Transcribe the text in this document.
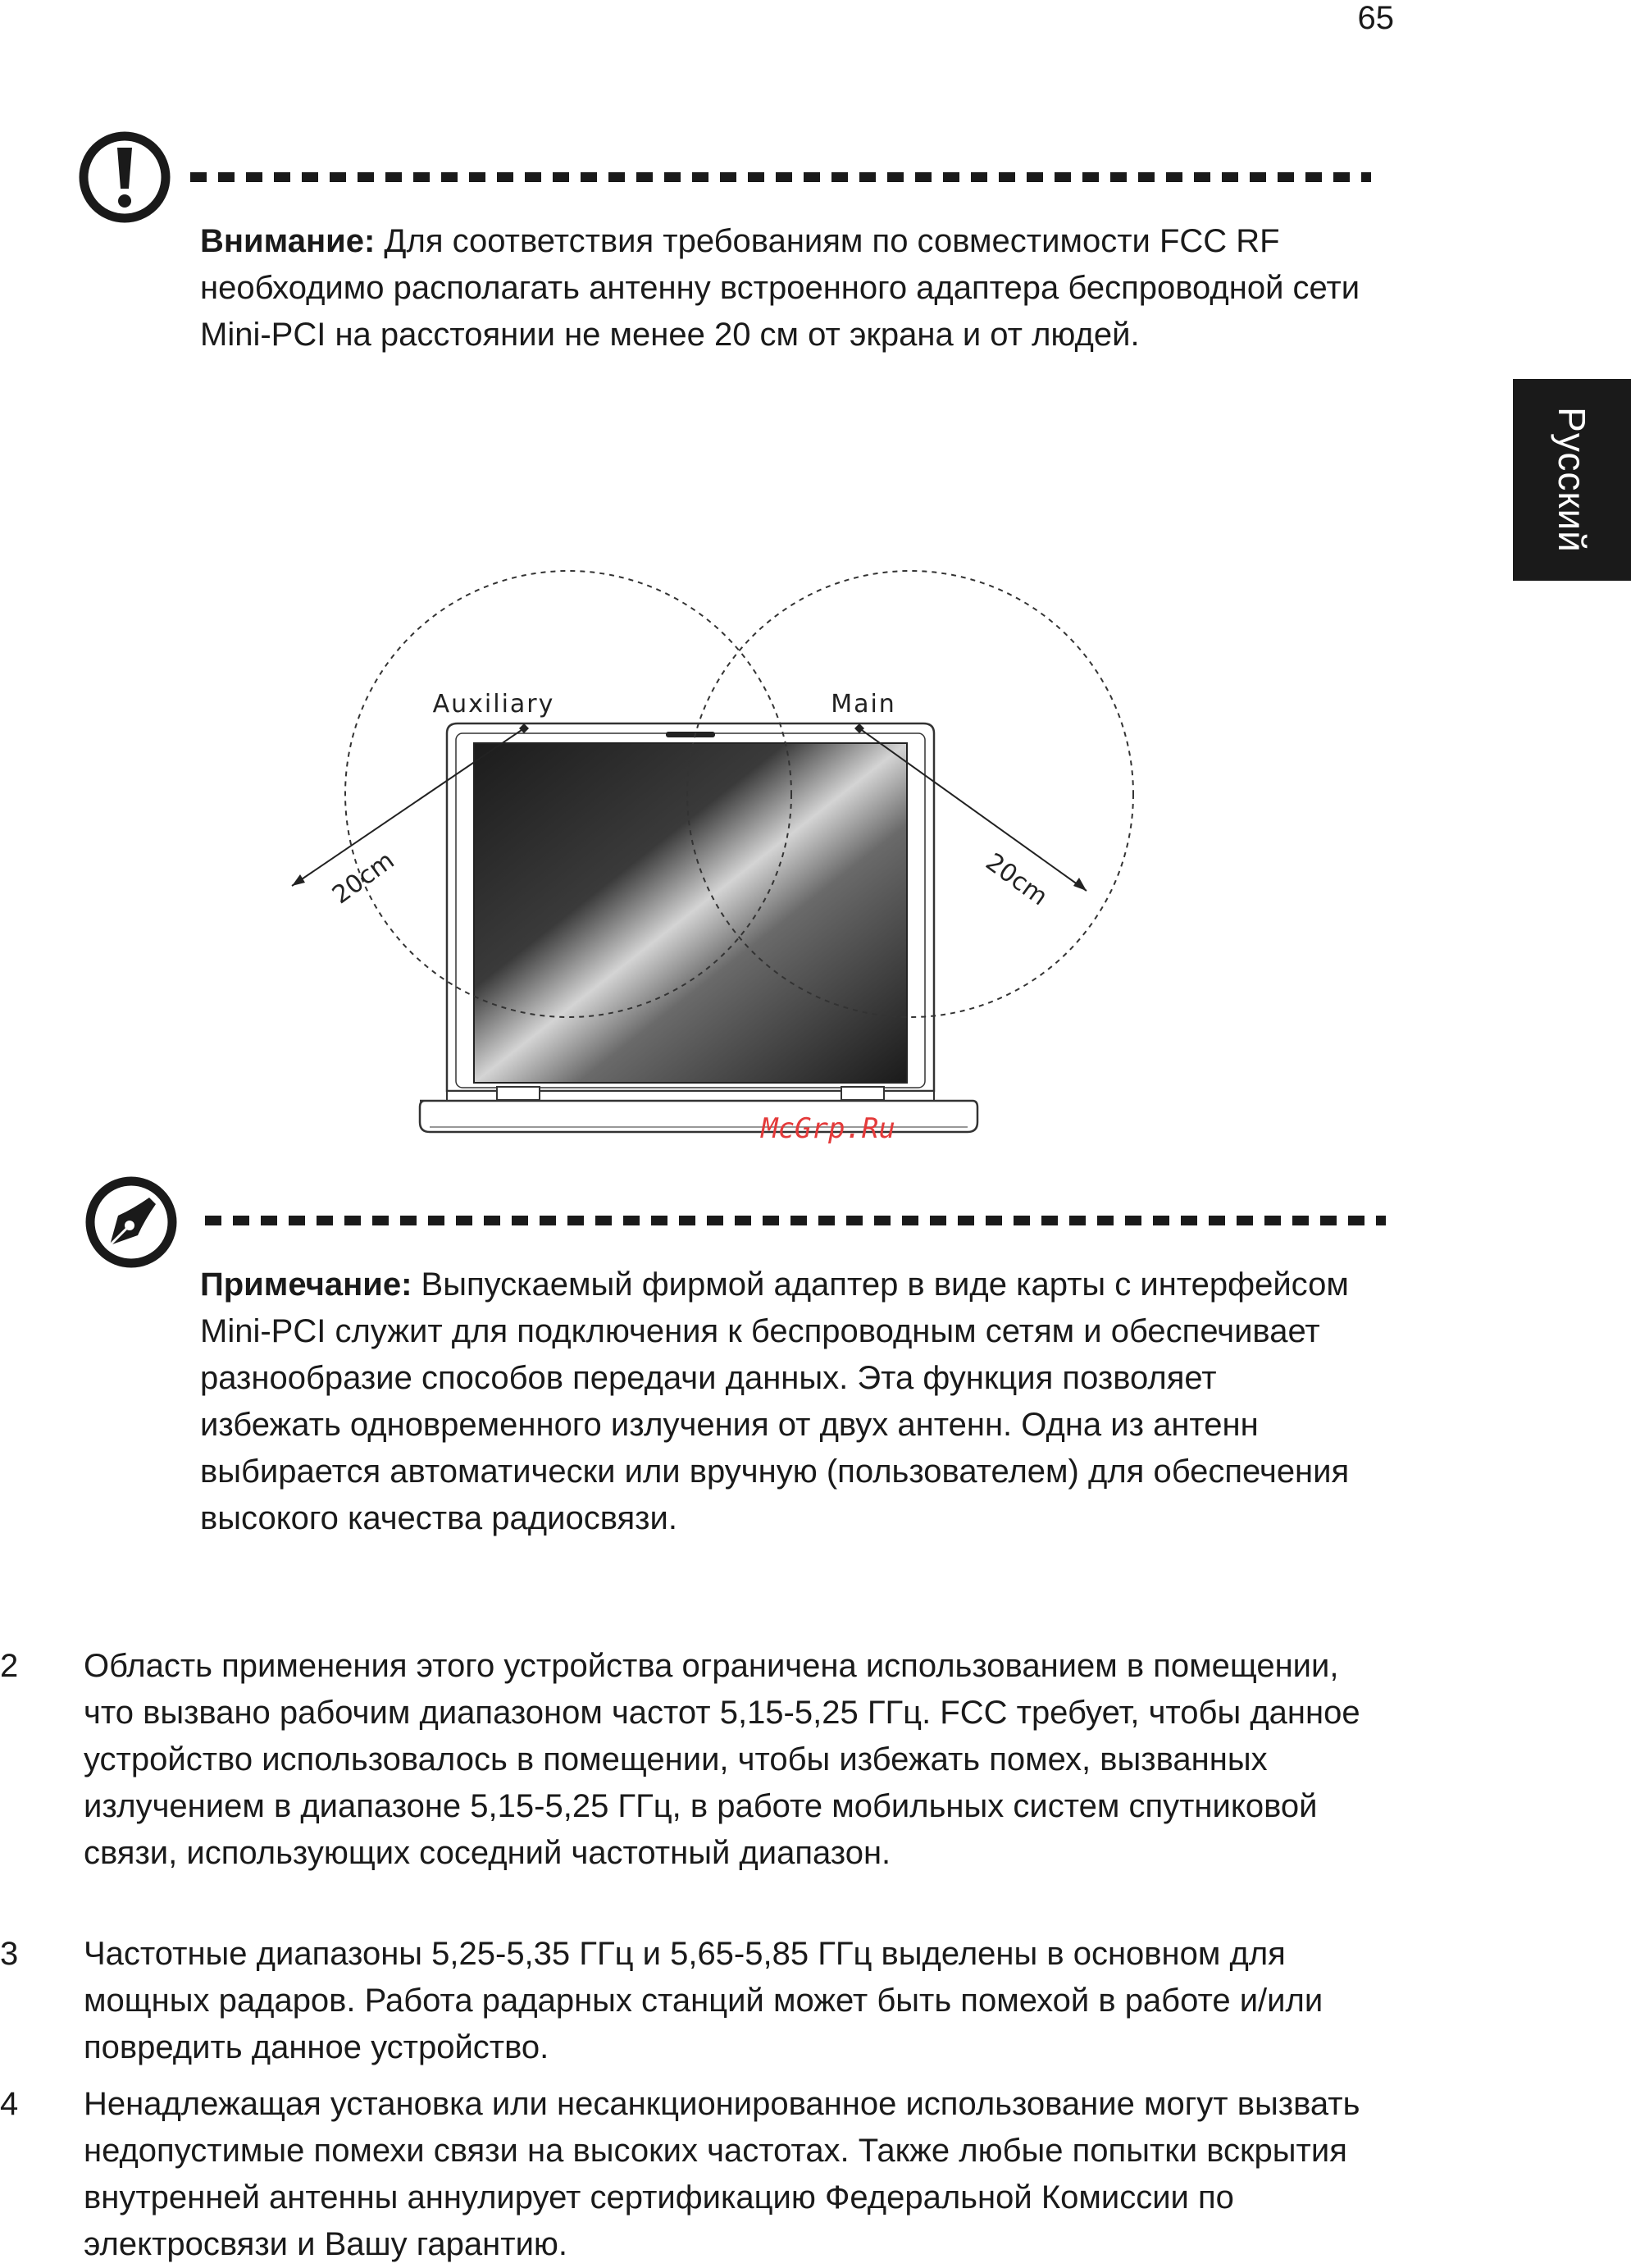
65
Русский
Внимание: Для соответствия требованиям по совместимости FCC RF необходимо располагать антенну встроенного адаптера беспроводной сети Mini-PCI на расстоянии не менее 20 см от экрана и от людей.
Auxiliary	Main
20cm	20cm
McGrp.Ru
Примечание: Выпускаемый фирмой адаптер в виде карты с интерфейсом Mini-PCI служит для подключения к беспроводным сетям и обеспечивает разнообразие способов передачи данных. Эта функция позволяет избежать одновременного излучения от двух антенн. Одна из антенн выбирается автоматически или вручную (пользователем) для обеспечения высокого качества радиосвязи.
2	Область применения этого устройства ограничена использованием в помещении, что вызвано рабочим диапазоном частот 5,15-5,25 ГГц. FCC требует, чтобы данное устройство использовалось в помещении, чтобы избежать помех, вызванных излучением в диапазоне 5,15-5,25 ГГц, в работе мобильных систем спутниковой связи, использующих соседний частотный диапазон.
3	Частотные диапазоны 5,25-5,35 ГГц и 5,65-5,85 ГГц выделены в основном для мощных радаров. Работа радарных станций может быть помехой в работе и/или повредить данное устройство.
4	Ненадлежащая установка или несанкционированное использование могут вызвать недопустимые помехи связи на высоких частотах. Также любые попытки вскрытия внутренней антенны аннулирует сертификацию Федеральной Комиссии по электросвязи и Вашу гарантию.
